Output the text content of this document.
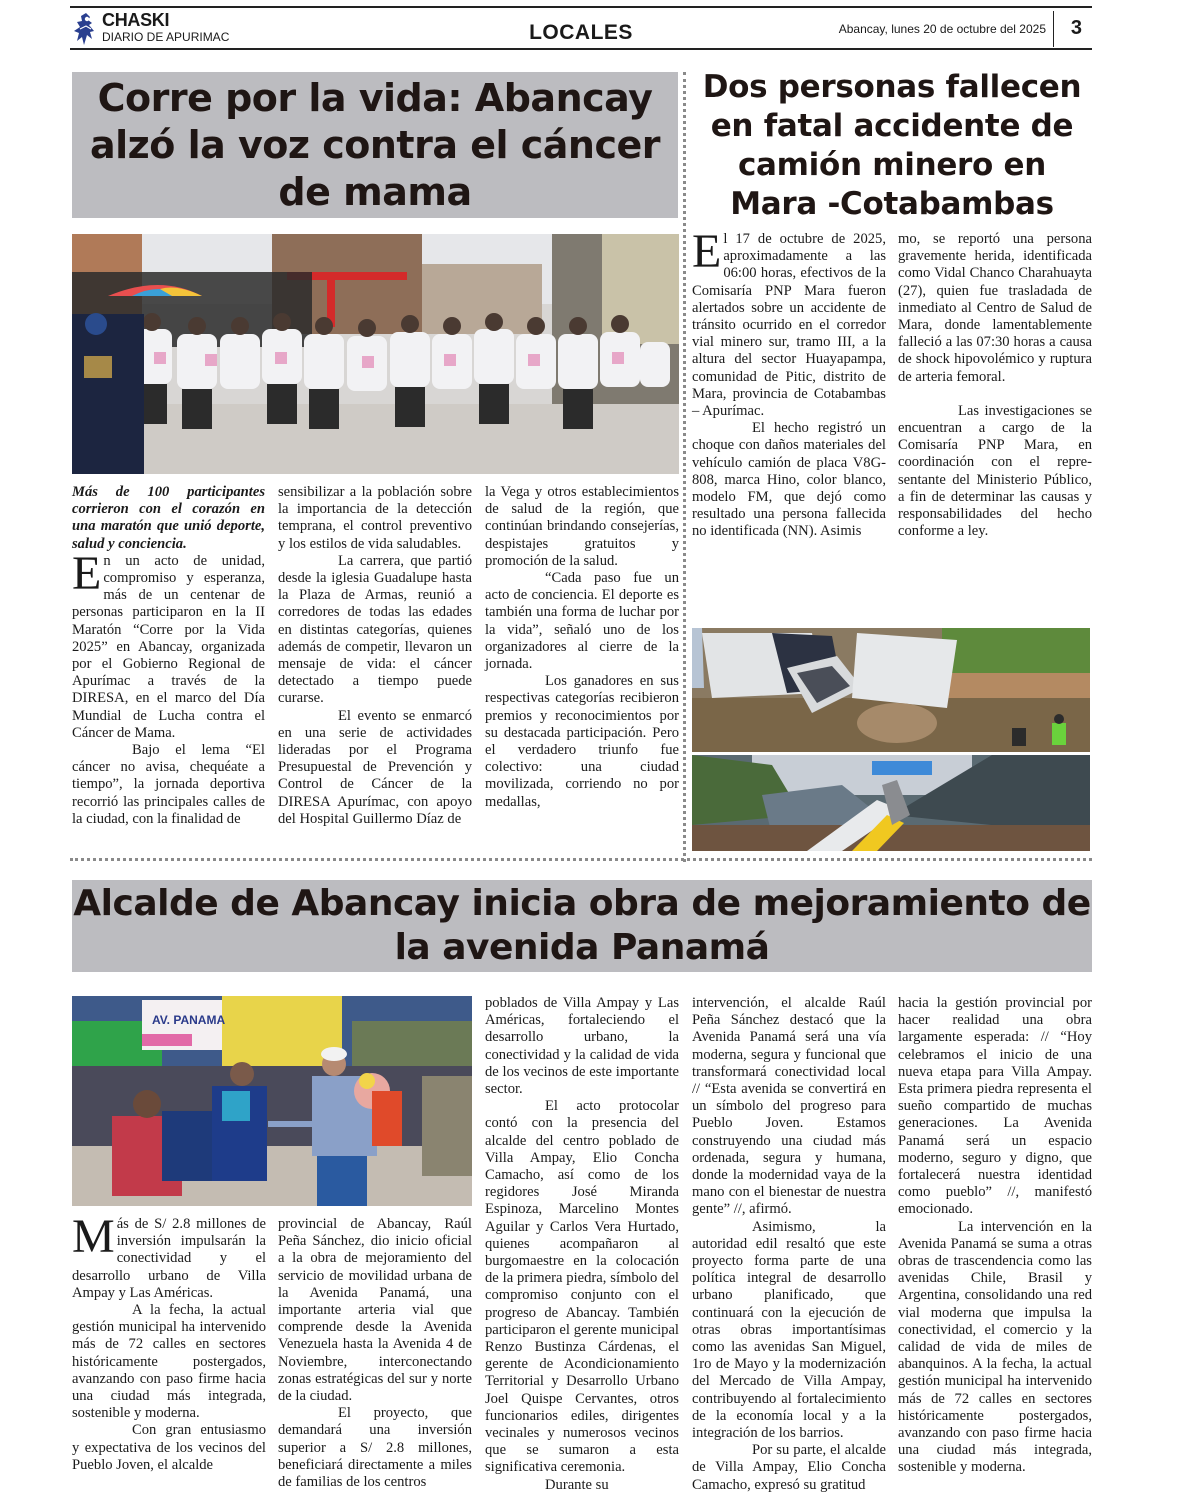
CHASKI
DIARIO DE APURIMAC	LOCALES	Abancay, lunes 20 de octubre del 2025 3
Corre por la vida: Abancay alzó la voz contra el cáncer de mama

Más de 100 participantes corrieron con el corazón en una maratón que unió deporte, salud y conciencia.

En un acto de unidad, compromiso y esperanza, más de un centenar de personas participaron en la II Maratón “Corre por la Vida 2025” en Abancay, organizada por el Gobierno Regional de Apurímac a través de la DIRESA, en el marco del Día Mundial de Lucha contra el Cáncer de Mama.

Bajo el lema “El cáncer no avisa, chequéate a tiempo”, la jornada deportiva recorrió las principales calles de la ciudad, con la finalidad de

sensibilizar a la población sobre la importancia de la detección temprana, el control preventivo y los estilos de vida saludables.

La carrera, que partió desde la iglesia Guadalupe hasta la Plaza de Armas, reunió a corredores de todas las edades en distintas categorías, quienes además de competir, llevaron un mensaje de vida: el cáncer detectado a tiempo puede curarse.

El evento se enmarcó en una serie de actividades lideradas por el Programa Presupuestal de Prevención y Control de Cáncer de la DIRESA Apurímac, con apoyo del Hospital Guillermo Díaz de

la Vega y otros establecimientos de salud de la región, que continúan brindando consejerías, despistajes gratuitos y promoción de la salud.

“Cada paso fue un acto de conciencia. El deporte es también una forma de luchar por la vida”, señaló uno de los organizadores al cierre de la jornada.

Los ganadores en sus respectivas categorías recibieron premios y reconocimientos por su destacada participación. Pero el verdadero triunfo fue colectivo: una ciudad movilizada, corriendo no por medallas,

Dos personas fallecen en fatal accidente de camión minero en Mara -Cotabambas

El 17 de octubre de 2025, aproximadamente a las 06:00 horas, efectivos de la Comisaría PNP Mara fueron alertados sobre un accidente de tránsito ocurrido en el corredor vial minero sur, tramo III, a la altura del sector Huayapampa, comunidad de Pitic, distrito de Mara, provincia de Cotabambas – Apurímac.

El hecho registró un choque con daños materiales del vehículo camión de placa V8G-808, marca Hino, color blanco, modelo FM, que dejó como resultado una persona fallecida no identificada (NN). Asimis

mo, se reportó una persona gravemente herida, identificada como Vidal Chanco Charahuayta (27), quien fue trasladada de inmediato al Centro de Salud de Mara, donde lamentablemente falleció a las 07:30 horas a causa de shock hipovolémico y ruptura de arteria femoral.

Las investigaciones se encuentran a cargo de la Comisaría PNP Mara, en coordinación con el representante del Ministerio Público, a fin de determinar las causas y responsabilidades del hecho conforme a ley.

Alcalde de Abancay inicia obra de mejoramiento de la avenida Panamá
AV. PANAMA

Más de S/ 2.8 millones de inversión impulsarán la conectividad y el desarrollo urbano de Villa Ampay y Las Américas.

A la fecha, la actual gestión municipal ha intervenido más de 72 calles en sectores históricamente postergados, avanzando con paso firme hacia una ciudad más integrada, sostenible y moderna.

Con gran entusiasmo y expectativa de los vecinos del Pueblo Joven, el alcalde

provincial de Abancay, Raúl Peña Sánchez, dio inicio oficial a la obra de mejoramiento del servicio de movilidad urbana de la Avenida Panamá, una importante arteria vial que comprende desde la Avenida Venezuela hasta la Avenida 4 de Noviembre, interconectando zonas estratégicas del sur y norte de la ciudad.

El proyecto, que demandará una inversión superior a S/ 2.8 millones, beneficiará directamente a miles de familias de los centros

poblados de Villa Ampay y Las Américas, fortaleciendo el desarrollo urbano, la conectividad y la calidad de vida de los vecinos de este importante sector.

El acto protocolar contó con la presencia del alcalde del centro poblado de Villa Ampay, Elio Concha Camacho, así como de los regidores José Miranda Espinoza, Marcelino Montes Aguilar y Carlos Vera Hurtado, quienes acompañaron al burgomaestre en la colocación de la primera piedra, símbolo del compromiso conjunto con el progreso de Abancay. También participaron el gerente municipal Renzo Bustinza Cárdenas, el gerente de Acondicionamiento Territorial y Desarrollo Urbano Joel Quispe Cervantes, otros funcionarios ediles, dirigentes vecinales y numerosos vecinos que se sumaron a esta significativa ceremonia.

Durante su

intervención, el alcalde Raúl Peña Sánchez destacó que la Avenida Panamá será una vía moderna, segura y funcional que transformará conectividad local // “Esta avenida se convertirá en un símbolo del progreso para Pueblo Joven. Estamos construyendo una ciudad más ordenada, segura y humana, donde la modernidad vaya de la mano con el bienestar de nuestra gente” //, afirmó.

Asimismo, la autoridad edil resaltó que este proyecto forma parte de una política integral de desarrollo urbano planificado, que continuará con la ejecución de otras obras importantísimas como las avenidas San Miguel, 1ro de Mayo y la modernización del Mercado de Villa Ampay, contribuyendo al fortalecimiento de la economía local y a la integración de los barrios.

Por su parte, el alcalde de Villa Ampay, Elio Concha Camacho, expresó su gratitud

hacia la gestión provincial por hacer realidad una obra largamente esperada: // “Hoy celebramos el inicio de una nueva etapa para Villa Ampay. Esta primera piedra representa el sueño compartido de muchas generaciones. La Avenida Panamá será un espacio moderno, seguro y digno, que fortalecerá nuestra identidad como pueblo” //, manifestó emocionado.

La intervención en la Avenida Panamá se suma a otras obras de trascendencia como las avenidas Chile, Brasil y Argentina, consolidando una red vial moderna que impulsa la conectividad, el comercio y la calidad de vida de miles de abanquinos. A la fecha, la actual gestión municipal ha intervenido más de 72 calles en sectores históricamente postergados, avanzando con paso firme hacia una ciudad más integrada, sostenible y moderna.
